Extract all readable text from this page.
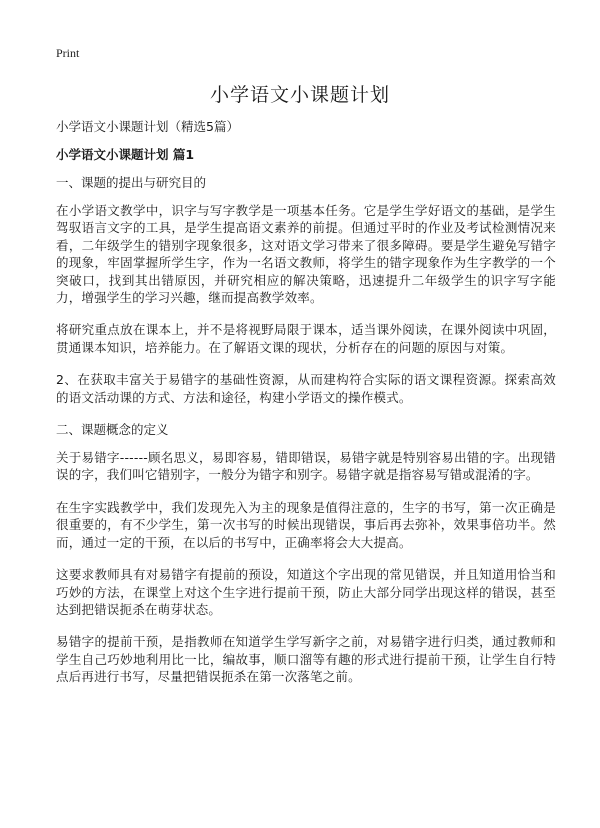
Print
小学语文小课题计划

小学语文小课题计划（精选5篇）

小学语文小课题计划 篇1

一、课题的提出与研究目的

在小学语文教学中，识字与写字教学是一项基本任务。它是学生学好语文的基础，是学生驾驭语言文字的工具，是学生提高语文素养的前提。但通过平时的作业及考试检测情况来看，二年级学生的错别字现象很多，这对语文学习带来了很多障碍。要是学生避免写错字的现象，牢固掌握所学生字，作为一名语文教师，将学生的错字现象作为生字教学的一个突破口，找到其出错原因，并研究相应的解决策略，迅速提升二年级学生的识字写字能力，增强学生的学习兴趣，继而提高教学效率。

将研究重点放在课本上，并不是将视野局限于课本，适当课外阅读，在课外阅读中巩固，贯通课本知识，培养能力。在了解语文课的现状，分析存在的问题的原因与对策。

2、在获取丰富关于易错字的基础性资源，从而建构符合实际的语文课程资源。探索高效的语文活动课的方式、方法和途径，构建小学语文的操作模式。

二、课题概念的定义

关于易错字------顾名思义，易即容易，错即错误，易错字就是特别容易出错的字。出现错误的字，我们叫它错别字，一般分为错字和别字。易错字就是指容易写错或混淆的字。

在生字实践教学中，我们发现先入为主的现象是值得注意的，生字的书写，第一次正确是很重要的，有不少学生，第一次书写的时候出现错误，事后再去弥补，效果事倍功半。然而，通过一定的干预，在以后的书写中，正确率将会大大提高。

这要求教师具有对易错字有提前的预设，知道这个字出现的常见错误，并且知道用恰当和巧妙的方法，在课堂上对这个生字进行提前干预，防止大部分同学出现这样的错误，甚至达到把错误扼杀在萌芽状态。

易错字的提前干预，是指教师在知道学生学写新字之前，对易错字进行归类，通过教师和学生自己巧妙地利用比一比，编故事，顺口溜等有趣的形式进行提前干预，让学生自行特点后再进行书写，尽量把错误扼杀在第一次落笔之前。
